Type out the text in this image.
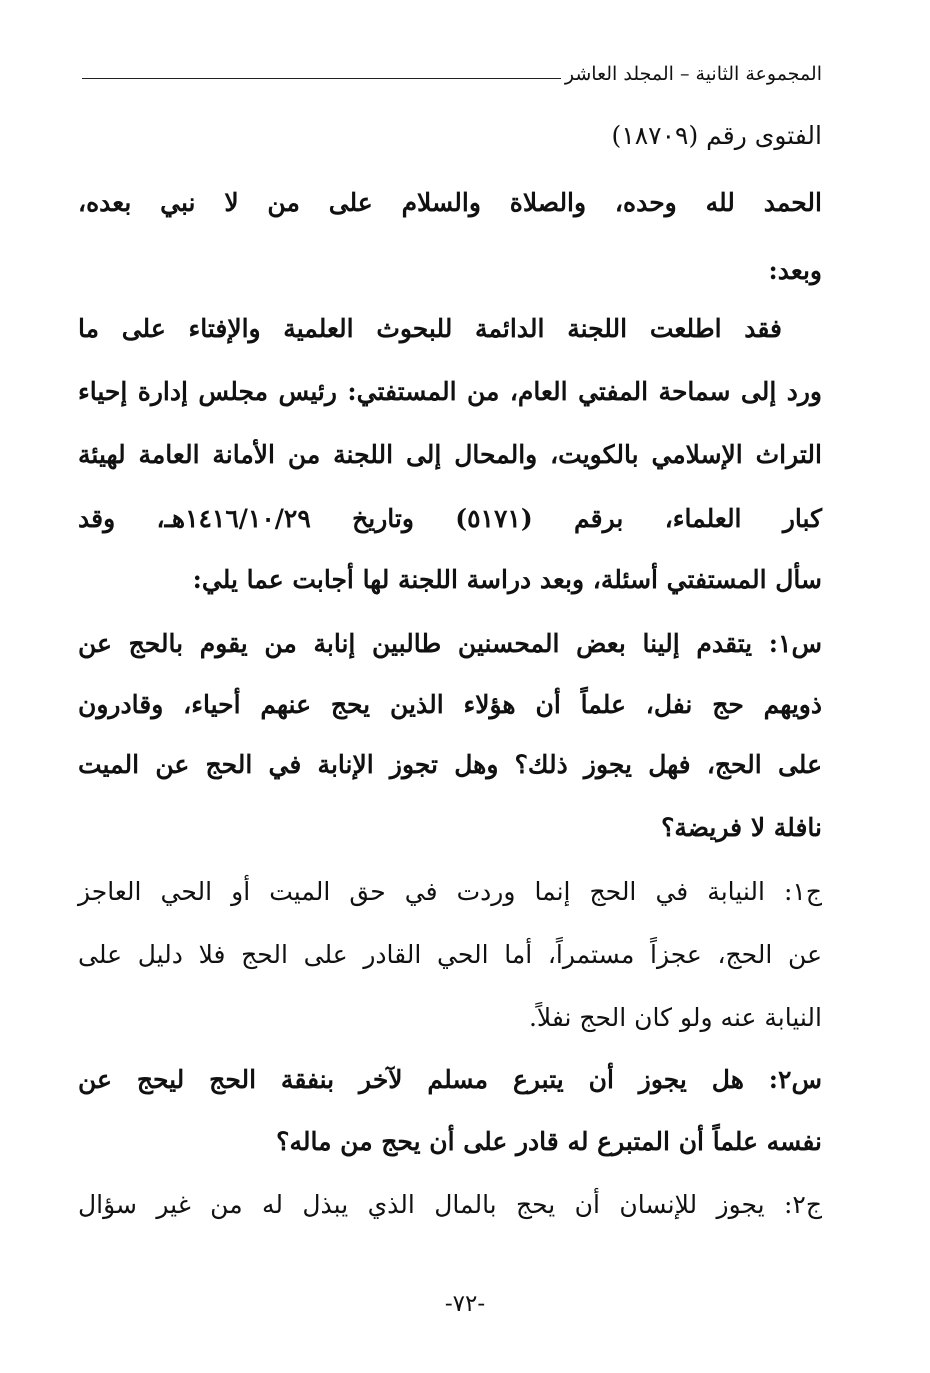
المجموعة الثانية – المجلد العاشر
الفتوى رقم (١٨٧٠٩)
الحمد لله وحده، والصلاة والسلام على من لا نبي بعده،
وبعد:
فقد اطلعت اللجنة الدائمة للبحوث العلمية والإفتاء على ما
ورد إلى سماحة المفتي العام، من المستفتي: رئيس مجلس إدارة إحياء
التراث الإسلامي بالكويت، والمحال إلى اللجنة من الأمانة العامة لهيئة
كبار العلماء، برقم (٥١٧١) وتاريخ ١٤١٦/١٠/٢٩هـ، وقد
سأل المستفتي أسئلة، وبعد دراسة اللجنة لها أجابت عما يلي:
س١: يتقدم إلينا بعض المحسنين طالبين إنابة من يقوم بالحج عن
ذويهم حج نفل، علماً أن هؤلاء الذين يحج عنهم أحياء، وقادرون
على الحج، فهل يجوز ذلك؟ وهل تجوز الإنابة في الحج عن الميت
نافلة لا فريضة؟
ج١: النيابة في الحج إنما وردت في حق الميت أو الحي العاجز
عن الحج، عجزاً مستمراً، أما الحي القادر على الحج فلا دليل على
النيابة عنه ولو كان الحج نفلاً.
س٢: هل يجوز أن يتبرع مسلم لآخر بنفقة الحج ليحج عن
نفسه علماً أن المتبرع له قادر على أن يحج من ماله؟
ج٢: يجوز للإنسان أن يحج بالمال الذي يبذل له من غير سؤال
-٧٢-
